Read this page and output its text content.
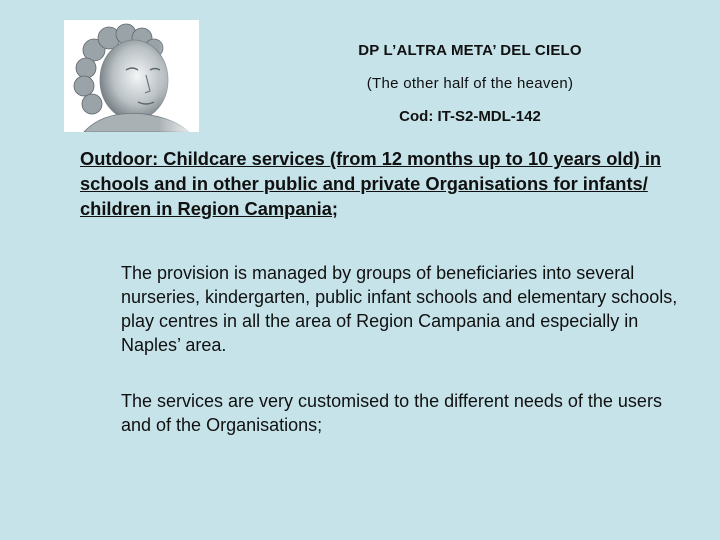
DP L’ALTRA META’ DEL CIELO
(The other half of the heaven)
Cod: IT-S2-MDL-142
Outdoor: Childcare services (from 12 months up to 10 years old) in schools and in other public and private Organisations for infants/ children in Region Campania;
The provision is managed by groups of beneficiaries into several nurseries, kindergarten, public infant schools and elementary schools, play centres in all the area of Region Campania and especially in Naples’ area.
The services are very customised to the different needs of the users and of the Organisations;
